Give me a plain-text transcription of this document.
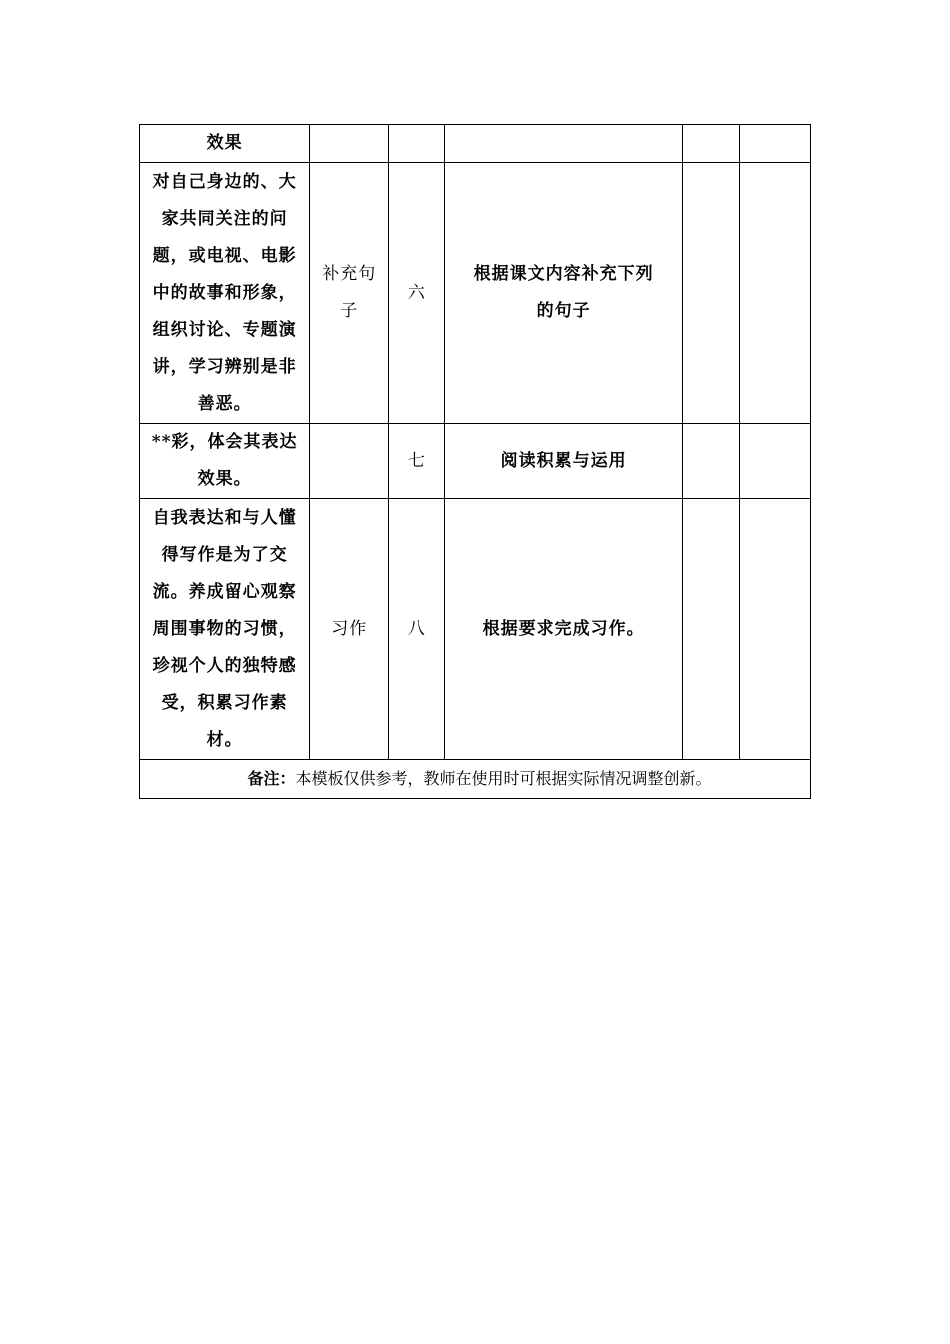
效果					

对自己身边的、大家共同关注的问题，或电视、电影中的故事和形象，组织讨论、专题演讲，学习辨别是非善恶。	补充句子	六	根据课文内容补充下列的句子		

**彩，体会其表达效果。		七	阅读积累与运用		

自我表达和与人懂得写作是为了交流。养成留心观察周围事物的习惯，珍视个人的独特感受，积累习作素材。	习作	八	根据要求完成习作。		

备注：本模板仅供参考，教师在使用时可根据实际情况调整创新。					
